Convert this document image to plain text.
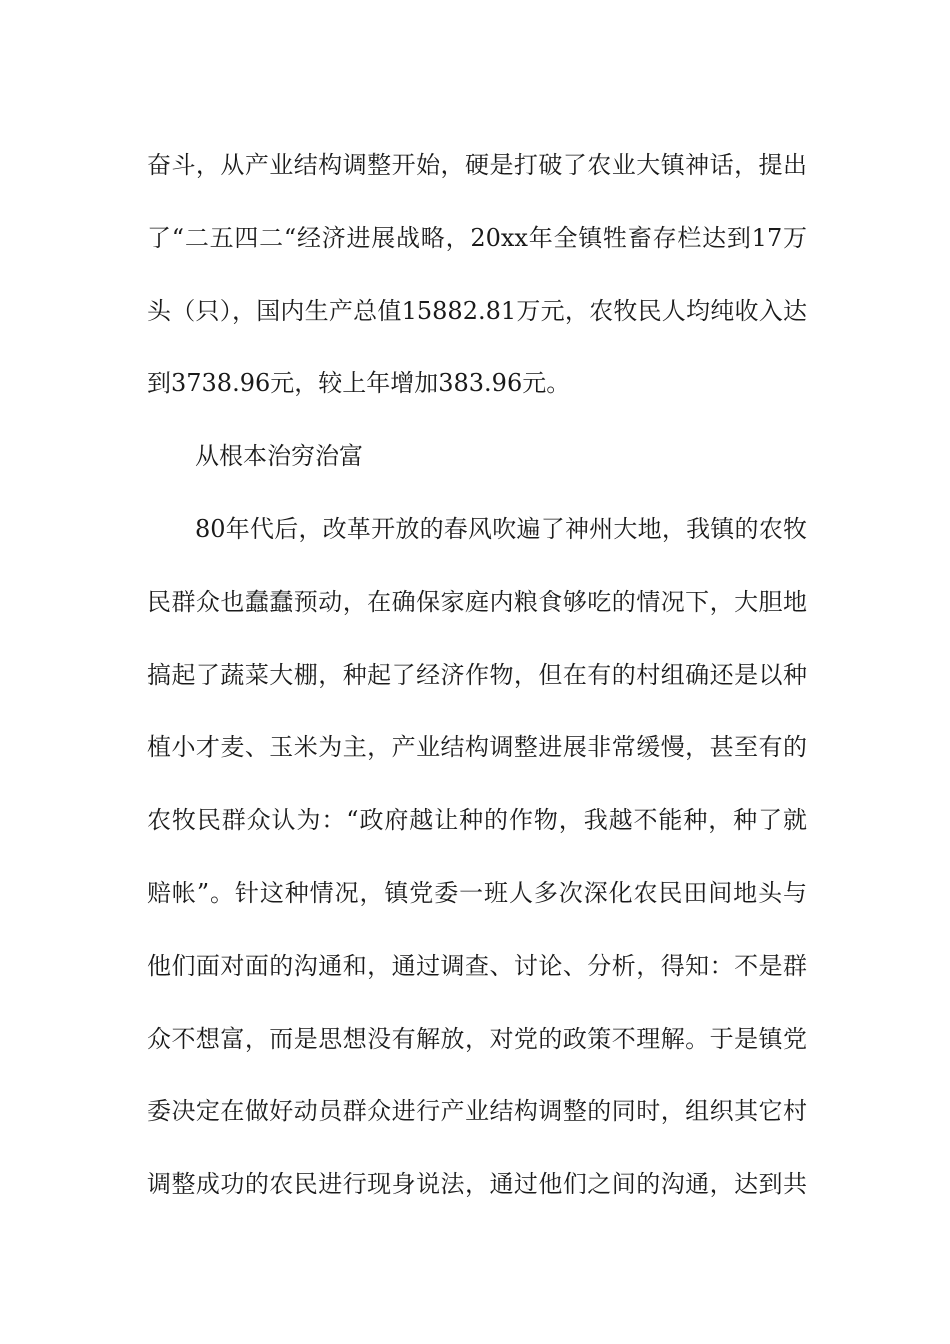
奋斗，从产业结构调整开始，硬是打破了农业大镇神话，提出
了“二五四二“经济进展战略，20xx年全镇牲畜存栏达到17万
头（只），国内生产总值15882.81万元，农牧民人均纯收入达
到3738.96元，较上年增加383.96元。
从根本治穷治富
80年代后，改革开放的春风吹遍了神州大地，我镇的农牧
民群众也蠢蠢预动，在确保家庭内粮食够吃的情况下，大胆地
搞起了蔬菜大棚，种起了经济作物，但在有的村组确还是以种
植小才麦、玉米为主，产业结构调整进展非常缓慢，甚至有的
农牧民群众认为：“政府越让种的作物，我越不能种，种了就
赔帐”。针这种情况，镇党委一班人多次深化农民田间地头与
他们面对面的沟通和，通过调查、讨论、分析，得知：不是群
众不想富，而是思想没有解放，对党的政策不理解。于是镇党
委决定在做好动员群众进行产业结构调整的同时，组织其它村
调整成功的农民进行现身说法，通过他们之间的沟通，达到共
